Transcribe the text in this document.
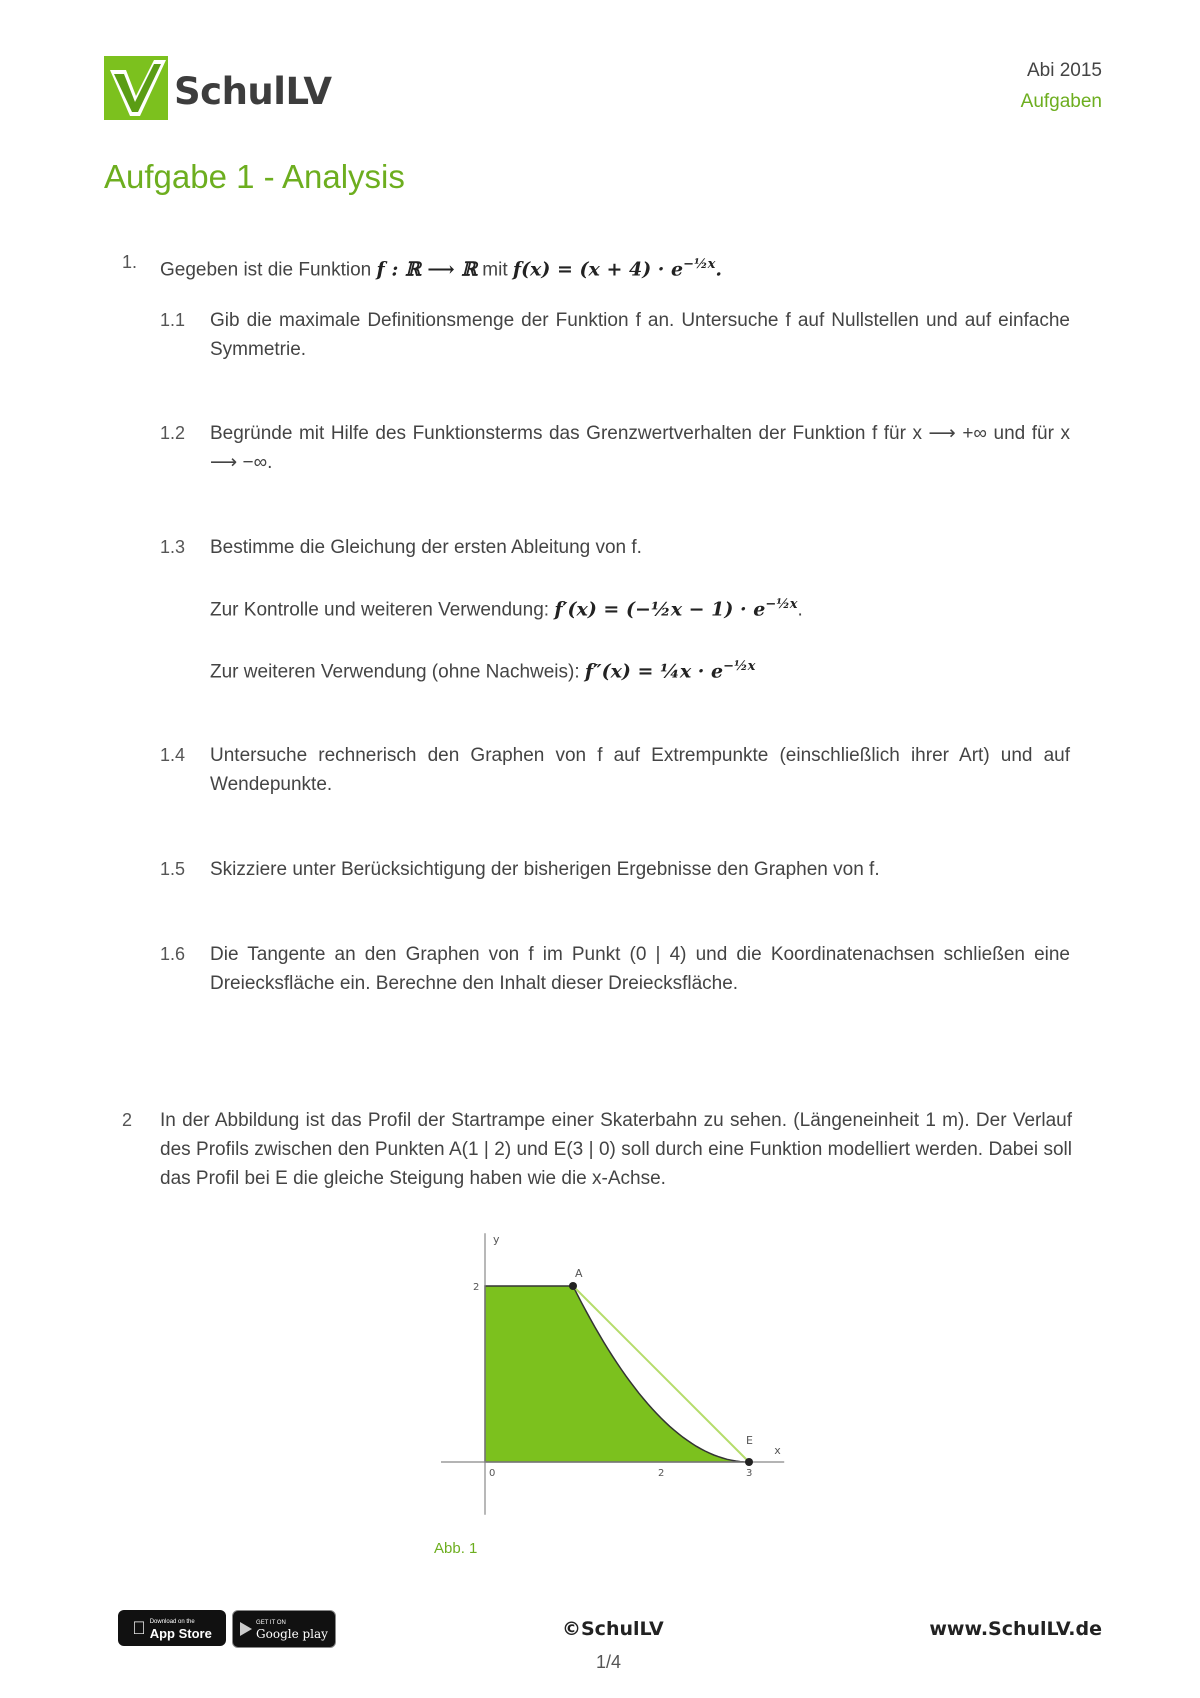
SchulLV	Abi 2015
Aufgaben
Aufgabe 1 - Analysis
1. Gegeben ist die Funktion f : ℝ ⟶ ℝ mit $f(x) = (x + 4) \cdot e^{-\frac{1}{2}x}$.
1.1 Gib die maximale Definitionsmenge der Funktion f an. Untersuche f auf Nullstellen und auf einfache Symmetrie.
1.2 Begründe mit Hilfe des Funktionsterms das Grenzwertverhalten der Funktion f für x ⟶ +∞ und für x ⟶ −∞.
1.3 Bestimme die Gleichung der ersten Ableitung von f.
Zur Kontrolle und weiteren Verwendung: f′(x) = (−½x − $1) \cdot e^{-\frac{1}{2}x}$.
Zur weiteren Verwendung (ohne Nachweis): f″(x) = ¼x · $e^{-\frac{1}{2}x}$
1.4 Untersuche rechnerisch den Graphen von f auf Extrempunkte (einschließlich ihrer Art) und auf Wendepunkte.
1.5 Skizziere unter Berücksichtigung der bisherigen Ergebnisse den Graphen von f.
1.6 Die Tangente an den Graphen von f im Punkt (0 | 4) und die Koordinatenachsen schließen eine Dreiecksfläche ein. Berechne den Inhalt dieser Dreiecksfläche.
2 In der Abbildung ist das Profil der Startrampe einer Skaterbahn zu sehen. (Längeneinheit 1 m). Der Verlauf des Profils zwischen den Punkten A(1 | 2) und E(3 | 0) soll durch eine Funktion modelliert werden. Dabei soll das Profil bei E die gleiche Steigung haben wie die x-Achse.
y
x
2
0	2	3
A
E
Abb. 1
Download on the
App Store
GET IT ON
Google play	©SchulLV	www.SchulLV.de
1/4
